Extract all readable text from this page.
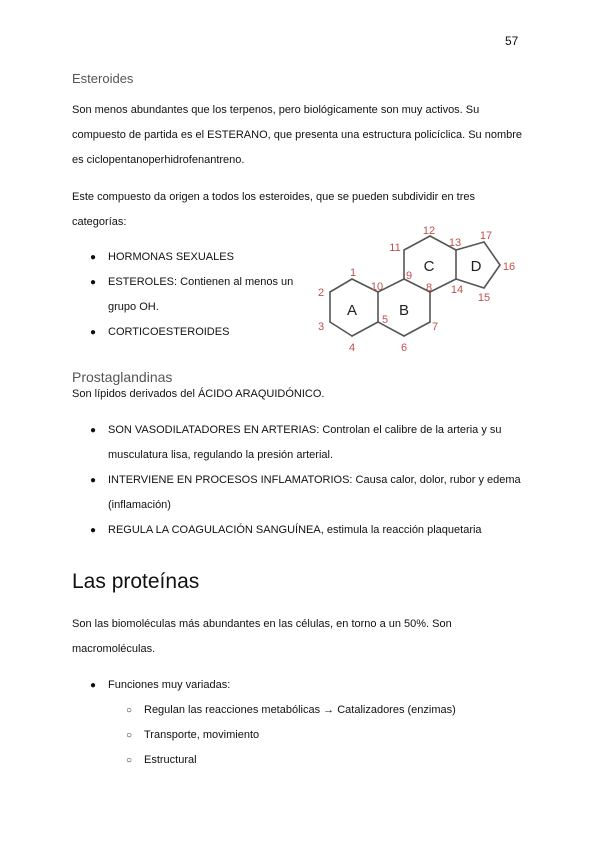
57
Esteroides
Son menos abundantes que los terpenos, pero biológicamente son muy activos. Su compuesto de partida es el ESTERANO, que presenta una estructura policíclica. Su nombre es ciclopentanoperhidrofenantreno.
Este compuesto da origen a todos los esteroides, que se pueden subdividir en tres categorías:
● HORMONAS SEXUALES
● ESTEROLES: Contienen al menos un grupo OH.
● CORTICOESTEROIDES
A	B
C D
1
2
3
4
5
6
7
8
9
10
11
12
13
14
15
16
17
Prostaglandinas
Son lípidos derivados del ÁCIDO ARAQUIDÓNICO.
● SON VASODILATADORES EN ARTERIAS: Controlan el calibre de la arteria y su musculatura lisa, regulando la presión arterial.
● INTERVIENE EN PROCESOS INFLAMATORIOS: Causa calor, dolor, rubor y edema (inflamación)
● REGULA LA COAGULACIÓN SANGUÍNEA, estimula la reacción plaquetaria
Las proteínas
Son las biomoléculas más abundantes en las células, en torno a un 50%. Son macromoléculas.
● Funciones muy variadas:
○ Regulan las reacciones metabólicas → Catalizadores (enzimas)
○ Transporte, movimiento
○ Estructural
